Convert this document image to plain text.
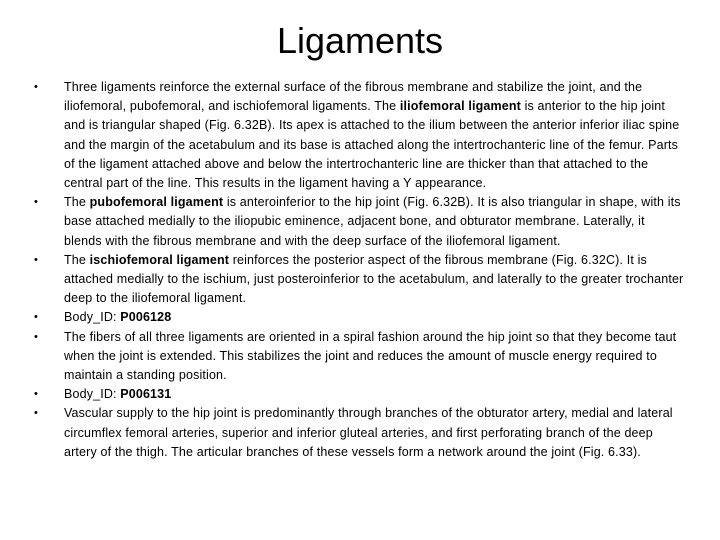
Ligaments
• Three ligaments reinforce the external surface of the fibrous membrane and stabilize the joint, and the iliofemoral, pubofemoral, and ischiofemoral ligaments. The iliofemoral ligament is anterior to the hip joint and is triangular shaped (Fig. 6.32B). Its apex is attached to the ilium between the anterior inferior iliac spine and the margin of the acetabulum and its base is attached along the intertrochanteric line of the femur. Parts of the ligament attached above and below the intertrochanteric line are thicker than that attached to the central part of the line. This results in the ligament having a Y appearance.
• The pubofemoral ligament is anteroinferior to the hip joint (Fig. 6.32B). It is also triangular in shape, with its base attached medially to the iliopubic eminence, adjacent bone, and obturator membrane. Laterally, it blends with the fibrous membrane and with the deep surface of the iliofemoral ligament.
• The ischiofemoral ligament reinforces the posterior aspect of the fibrous membrane (Fig. 6.32C). It is attached medially to the ischium, just posteroinferior to the acetabulum, and laterally to the greater trochanter deep to the iliofemoral ligament.
• Body_ID: P006128
• The fibers of all three ligaments are oriented in a spiral fashion around the hip joint so that they become taut when the joint is extended. This stabilizes the joint and reduces the amount of muscle energy required to maintain a standing position.
• Body_ID: P006131
• Vascular supply to the hip joint is predominantly through branches of the obturator artery, medial and lateral circumflex femoral arteries, superior and inferior gluteal arteries, and first perforating branch of the deep artery of the thigh. The articular branches of these vessels form a network around the joint (Fig. 6.33).
